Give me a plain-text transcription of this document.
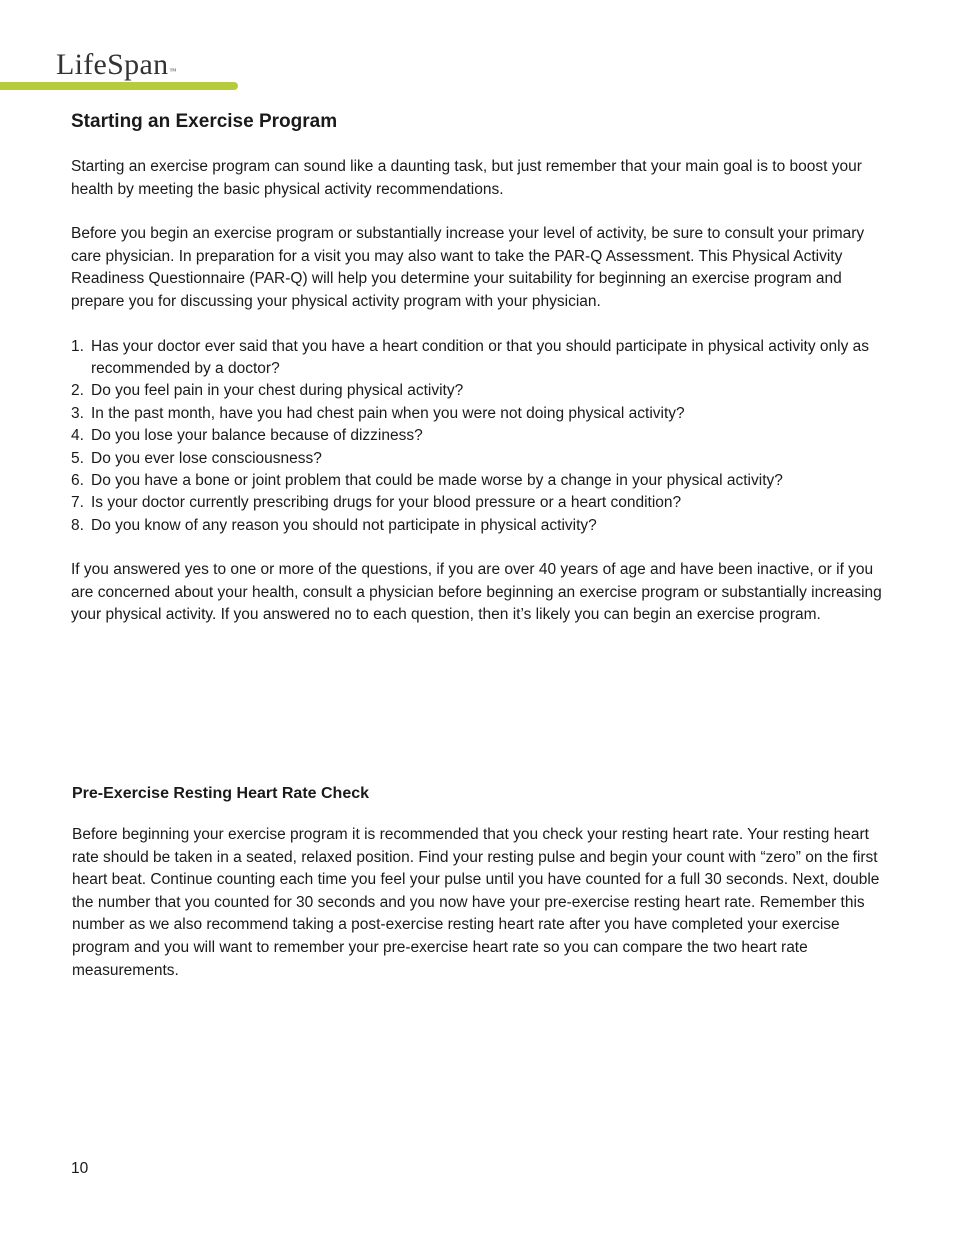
LifeSpan™
Starting an Exercise Program

Starting an exercise program can sound like a daunting task, but just remember that your main goal is to boost your health by meeting the basic physical activity recommendations.

Before you begin an exercise program or substantially increase your level of activity, be sure to consult your primary care physician. In preparation for a visit you may also want to take the PAR-Q Assessment. This Physical Activity Readiness Questionnaire (PAR-Q) will help you determine your suitability for beginning an exercise program and prepare you for discussing your physical activity program with your physician.

1. Has your doctor ever said that you have a heart condition or that you should participate in physical activity only as recommended by a doctor?
2. Do you feel pain in your chest during physical activity?
3. In the past month, have you had chest pain when you were not doing physical activity?
4. Do you lose your balance because of dizziness?
5. Do you ever lose consciousness?
6. Do you have a bone or joint problem that could be made worse by a change in your physical activity?
7. Is your doctor currently prescribing drugs for your blood pressure or a heart condition?
8. Do you know of any reason you should not participate in physical activity?

If you answered yes to one or more of the questions, if you are over 40 years of age and have been inactive, or if you are concerned about your health, consult a physician before beginning an exercise program or substantially increasing your physical activity. If you answered no to each question, then it’s likely you can begin an exercise program.

Pre-Exercise Resting Heart Rate Check

Before beginning your exercise program it is recommended that you check your resting heart rate. Your resting heart rate should be taken in a seated, relaxed position. Find your resting pulse and begin your count with “zero” on the first heart beat. Continue counting each time you feel your pulse until you have counted for a full 30 seconds. Next, double the number that you counted for 30 seconds and you now have your pre-exercise resting heart rate. Remember this number as we also recommend taking a post-exercise resting heart rate after you have completed your exercise program and you will want to remember your pre-exercise heart rate so you can compare the two heart rate measurements.

10
